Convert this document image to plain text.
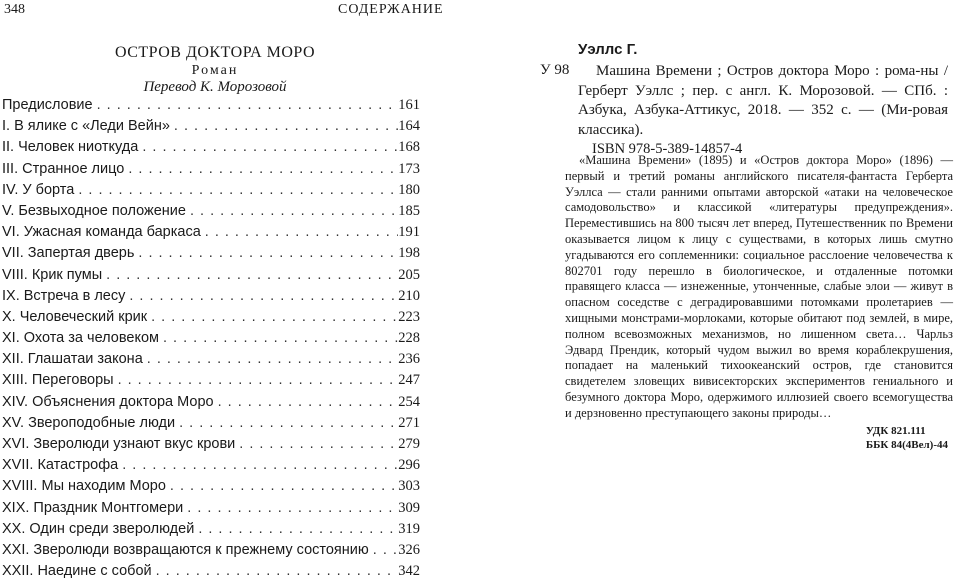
348	СОДЕРЖАНИЕ
ОСТРОВ ДОКТОРА МОРО
Роман
Перевод К. Морозовой
Предисловие . . .	161
I. В ялике с «Леди Вейн» . . .	164
II. Человек ниоткуда . . .	168
III. Странное лицо . . .	173
IV. У борта . . .	180
V. Безвыходное положение . . .	185
VI. Ужасная команда баркаса . . .	191
VII. Запертая дверь . . .	198
VIII. Крик пумы . . .	205
IX. Встреча в лесу . . .	210
X. Человеческий крик . . .	223
XI. Охота за человеком . . .	228
XII. Глашатаи закона . . .	236
XIII. Переговоры . . .	247
XIV. Объяснения доктора Моро . . .	254
XV. Звероподобные люди . . .	271
XVI. Зверолюди узнают вкус крови . . .	279
XVII. Катастрофа . . .	296
XVIII. Мы находим Моро . . .	303
XIX. Праздник Монтгомери . . .	309
XX. Один среди зверолюдей . . .	319
XXI. Зверолюди возвращаются к прежнему состоянию . . . 326
XXII. Наедине с собой . . .	342
Уэллс Г.
У 98	Машина Времени ; Остров доктора Моро : рома-ны / Герберт Уэллс ; пер. с англ. К. Морозовой. — СПб. : Азбука, Азбука-Аттикус, 2018. — 352 с. — (Ми-ровая классика).

ISBN 978-5-389-14857-4
«Машина Времени» (1895) и «Остров доктора Моро» (1896) — первый и третий романы английского писателя-фантаста Герберта Уэллса — стали ранними опытами авторской «атаки на человеческое самодовольство» и классикой «литературы предупреждения». Переместившись на 800 тысяч лет вперед, Путешественник по Времени оказывается лицом к лицу с существами, в которых лишь смутно угадываются его соплеменники: социальное расслоение человечества к 802701 году перешло в биологическое, и отдаленные потомки правящего класса — изнеженные, утонченные, слабые элои — живут в опасном соседстве с деградировавшими потомками пролетариев — хищными монстрами-морлоками, которые обитают под землей, в мире, полном всевозможных механизмов, но лишенном света… Чарльз Эдвард Прендик, который чудом выжил во время кораблекрушения, попадает на маленький тихоокеанский остров, где становится свидетелем зловещих вивисекторских экспериментов гениального и безумного доктора Моро, одержимого иллюзией своего всемогущества и дерзновенно преступающего законы природы…
УДК 821.111
ББК 84(4Вел)-44
